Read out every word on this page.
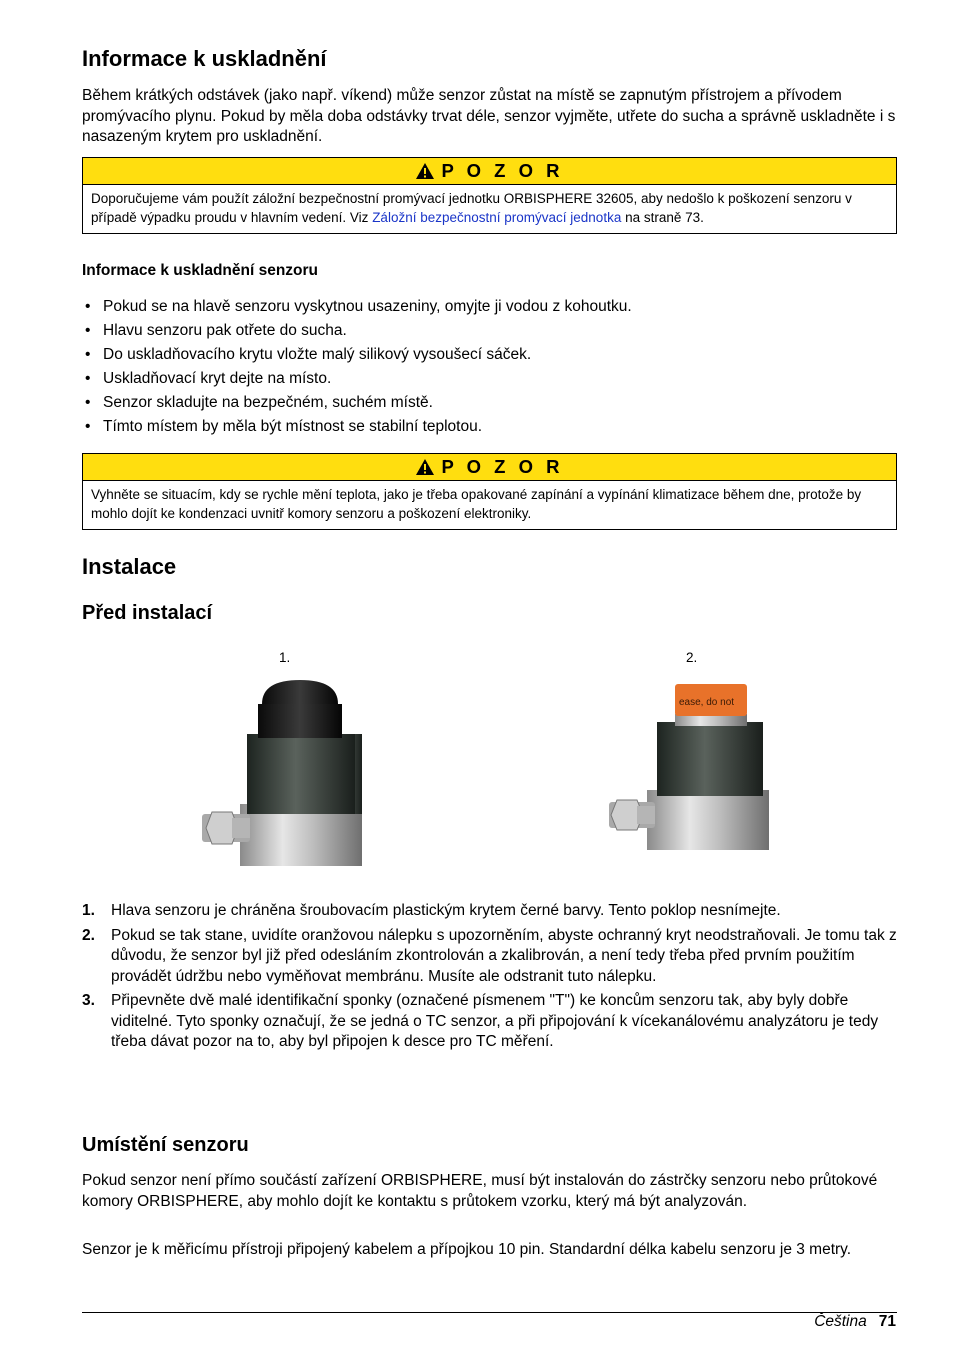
Informace k uskladnění
Během krátkých odstávek (jako např. víkend) může senzor zůstat na místě se zapnutým přístrojem a přívodem promývacího plynu. Pokud by měla doba odstávky trvat déle, senzor vyjměte, utřete do sucha a správně uskladněte i s nasazeným krytem pro uskladnění.
P O Z O R
Doporučujeme vám použít záložní bezpečnostní promývací jednotku ORBISPHERE 32605, aby nedošlo k poškození senzoru v případě výpadku proudu v hlavním vedení. Viz Záložní bezpečnostní promývací jednotka na straně 73.
Informace k uskladnění senzoru
• Pokud se na hlavě senzoru vyskytnou usazeniny, omyjte ji vodou z kohoutku.
• Hlavu senzoru pak otřete do sucha.
• Do uskladňovacího krytu vložte malý silikový vysoušecí sáček.
• Uskladňovací kryt dejte na místo.
• Senzor skladujte na bezpečném, suchém místě.
• Tímto místem by měla být místnost se stabilní teplotou.
P O Z O R
Vyhněte se situacím, kdy se rychle mění teplota, jako je třeba opakované zapínání a vypínání klimatizace během dne, protože by mohlo dojít ke kondenzaci uvnitř komory senzoru a poškození elektroniky.
Instalace
Před instalací
1.	2.
ease, do not
1. Hlava senzoru je chráněna šroubovacím plastickým krytem černé barvy. Tento poklop nesnímejte.
2. Pokud se tak stane, uvidíte oranžovou nálepku s upozorněním, abyste ochranný kryt neodstraňovali. Je tomu tak z důvodu, že senzor byl již před odesláním zkontrolován a zkalibrován, a není tedy třeba před prvním použitím provádět údržbu nebo vyměňovat membránu. Musíte ale odstranit tuto nálepku.
3. Připevněte dvě malé identifikační sponky (označené písmenem "T") ke koncům senzoru tak, aby byly dobře viditelné. Tyto sponky označují, že se jedná o TC senzor, a při připojování k vícekanálovému analyzátoru je tedy třeba dávat pozor na to, aby byl připojen k desce pro TC měření.
Umístění senzoru
Pokud senzor není přímo součástí zařízení ORBISPHERE, musí být instalován do zástrčky senzoru nebo průtokové komory ORBISPHERE, aby mohlo dojít ke kontaktu s průtokem vzorku, který má být analyzován.
Senzor je k měřicímu přístroji připojený kabelem a přípojkou 10 pin. Standardní délka kabelu senzoru je 3 metry.
Čeština 71
